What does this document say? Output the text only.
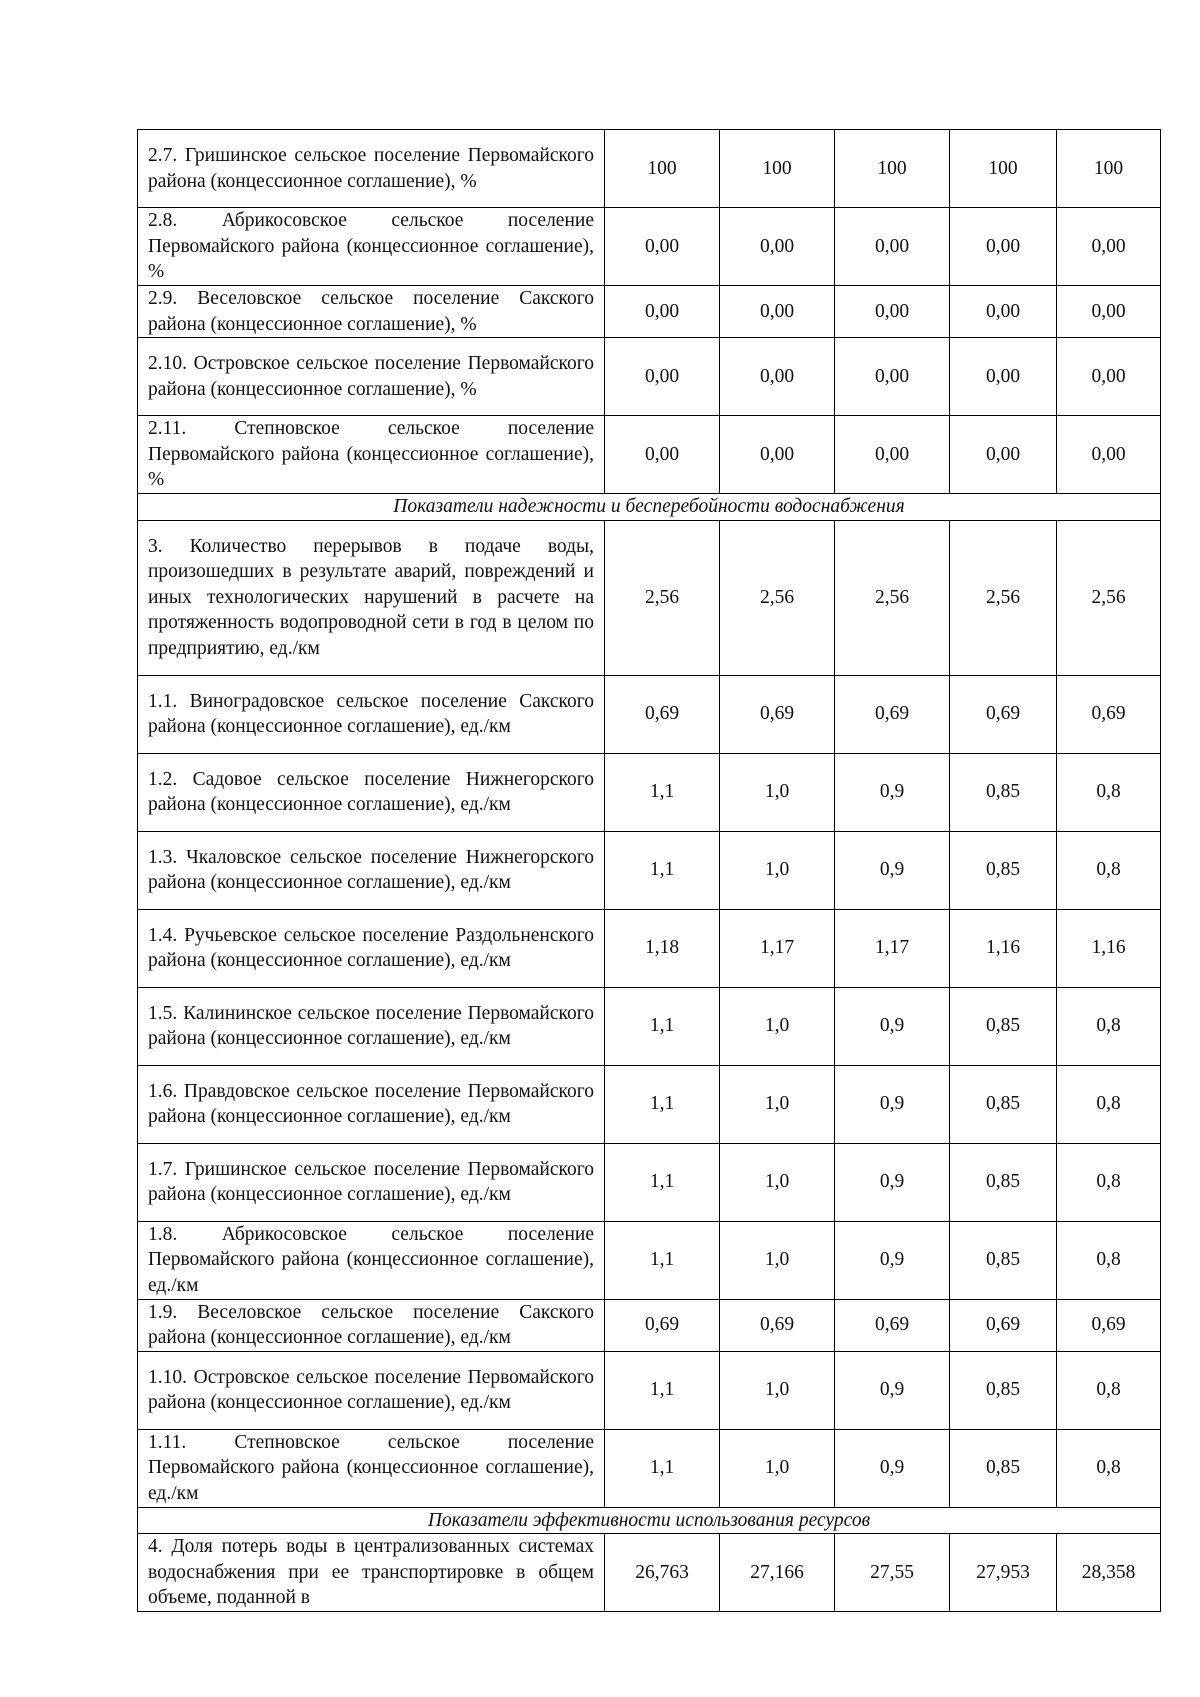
2.7. Гришинское сельское поселение Первомайского района (концессионное соглашение), %	100	100	100	100	100
2.8. Абрикосовское сельское поселение Первомайского района (концессионное соглашение), %	0,00	0,00	0,00	0,00	0,00
2.9. Веселовское сельское поселение Сакского района (концессионное соглашение), %	0,00	0,00	0,00	0,00	0,00
2.10. Островское сельское поселение Первомайского района (концессионное соглашение), %	0,00	0,00	0,00	0,00	0,00
2.11. Степновское сельское поселение Первомайского района (концессионное соглашение), %	0,00	0,00	0,00	0,00	0,00
Показатели надежности и бесперебойности водоснабжения					
3. Количество перерывов в подаче воды, произошедших в результате аварий, повреждений и иных технологических нарушений в расчете на протяженность водопроводной сети в год в целом по предприятию, ед./км	2,56	2,56	2,56	2,56	2,56
1.1. Виноградовское сельское поселение Сакского района (концессионное соглашение), ед./км	0,69	0,69	0,69	0,69	0,69
1.2. Садовое сельское поселение Нижнегорского района (концессионное соглашение), ед./км	1,1	1,0	0,9	0,85	0,8
1.3. Чкаловское сельское поселение Нижнегорского района (концессионное соглашение), ед./км	1,1	1,0	0,9	0,85	0,8
1.4. Ручьевское сельское поселение Раздольненского района (концессионное соглашение), ед./км	1,18	1,17	1,17	1,16	1,16
1.5. Калининское сельское поселение Первомайского района (концессионное соглашение), ед./км	1,1	1,0	0,9	0,85	0,8
1.6. Правдовское сельское поселение Первомайского района (концессионное соглашение), ед./км	1,1	1,0	0,9	0,85	0,8
1.7. Гришинское сельское поселение Первомайского района (концессионное соглашение), ед./км	1,1	1,0	0,9	0,85	0,8
1.8. Абрикосовское сельское поселение Первомайского района (концессионное соглашение), ед./км	1,1	1,0	0,9	0,85	0,8
1.9. Веселовское сельское поселение Сакского района (концессионное соглашение), ед./км	0,69	0,69	0,69	0,69	0,69
1.10. Островское сельское поселение Первомайского района (концессионное соглашение), ед./км	1,1	1,0	0,9	0,85	0,8
1.11. Степновское сельское поселение Первомайского района (концессионное соглашение), ед./км	1,1	1,0	0,9	0,85	0,8
Показатели эффективности использования ресурсов					
4. Доля потерь воды в централизованных системах водоснабжения при ее транспортировке в общем объеме, поданной в	26,763	27,166	27,55	27,953	28,358
